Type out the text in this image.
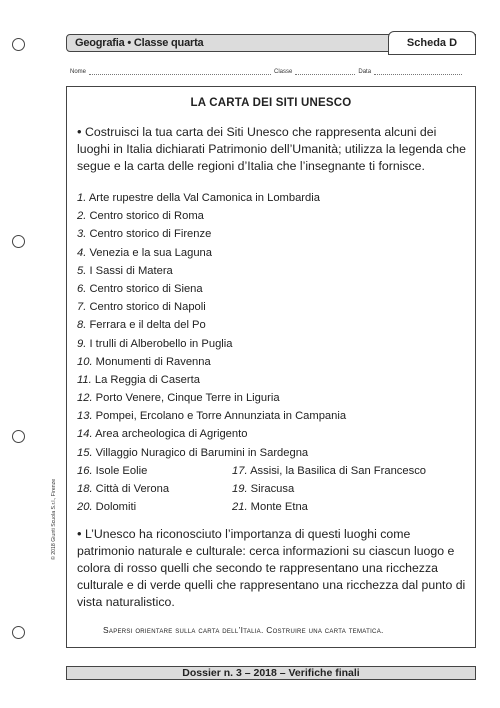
Geografia • Classe quarta	Scheda D
Nome	Classe	Data
LA CARTA DEI SITI UNESCO
• Costruisci la tua carta dei Siti Unesco che rappresenta alcuni dei luoghi in Italia dichiarati Patrimonio dell’Umanità; utilizza la legenda che segue e la carta delle regioni d’Italia che l’insegnante ti fornisce.
1. Arte rupestre della Val Camonica in Lombardia
2. Centro storico di Roma
3. Centro storico di Firenze
4. Venezia e la sua Laguna
5. I Sassi di Matera
6. Centro storico di Siena
7. Centro storico di Napoli
8. Ferrara e il delta del Po
9. I trulli di Alberobello in Puglia
10. Monumenti di Ravenna
11. La Reggia di Caserta
12. Porto Venere, Cinque Terre in Liguria
13. Pompei, Ercolano e Torre Annunziata in Campania
14. Area archeologica di Agrigento
15. Villaggio Nuragico di Barumini in Sardegna
16. Isole Eolie	17. Assisi, la Basilica di San Francesco
18. Città di Verona	19. Siracusa
20. Dolomiti	21. Monte Etna
• L’Unesco ha riconosciuto l’importanza di questi luoghi come patrimonio naturale e culturale: cerca informazioni su ciascun luogo e colora di rosso quelli che secondo te rappresentano una ricchezza culturale e di verde quelli che rappresentano una ricchezza dal punto di vista naturalistico.
Sapersi orientare sulla carta dell’Italia. Costruire una carta tematica.
© 2018 Giunti Scuola S.r.l., Firenze
Dossier n. 3 – 2018 – Verifiche finali
